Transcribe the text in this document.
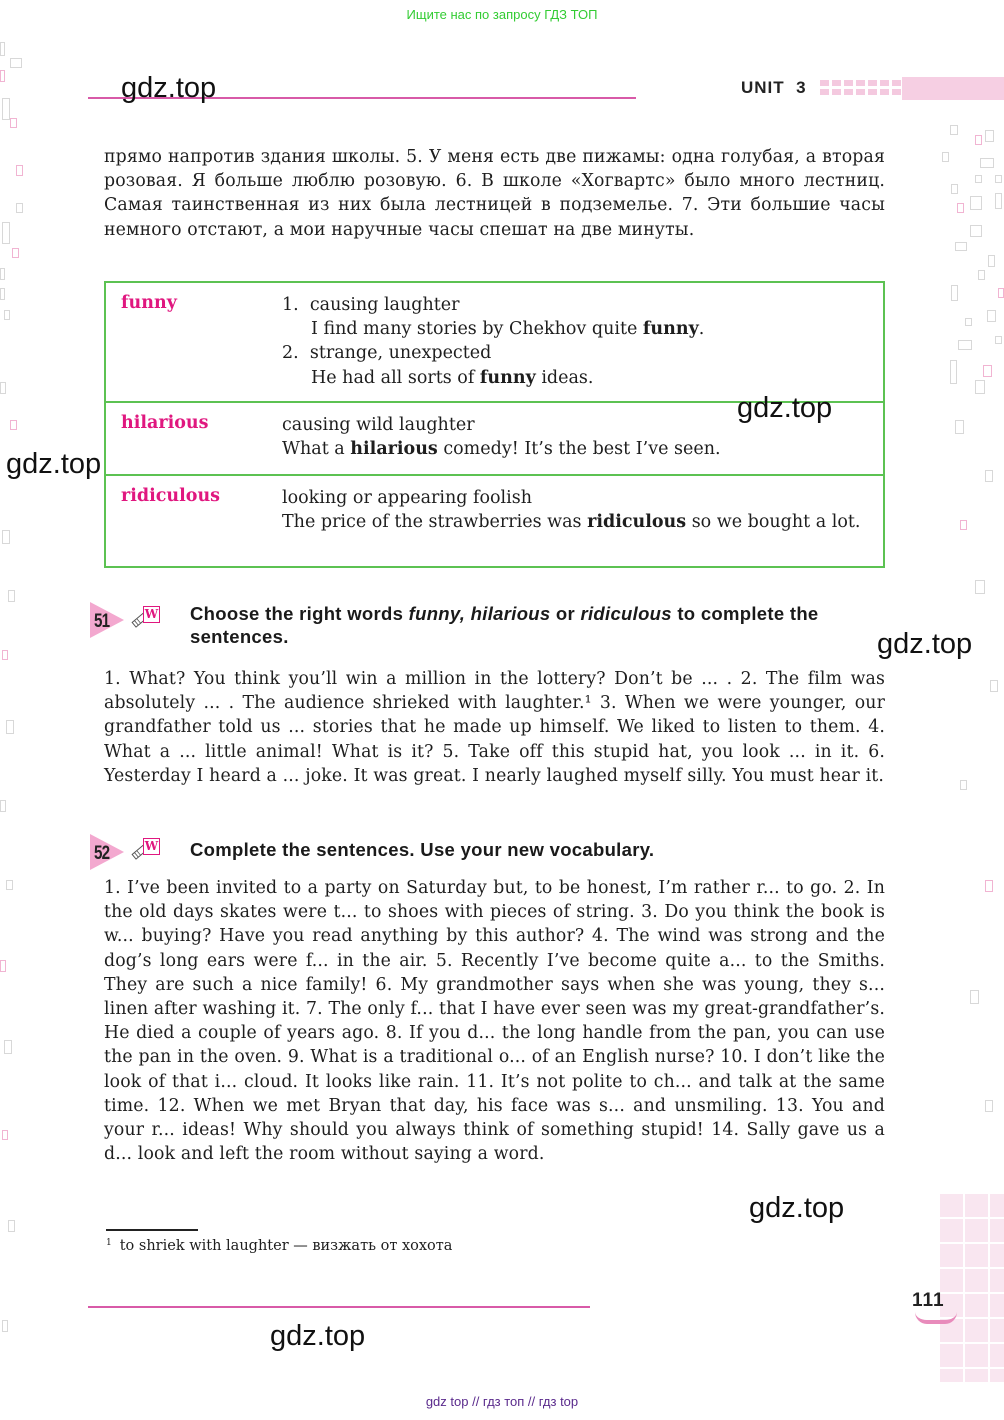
Ищите нас по запросу ГДЗ ТОП
gdz.top	UNIT 3
прямо напротив здания школы. 5. У меня есть две пижамы: одна голубая, а вторая розовая. Я больше люблю розовую. 6. В школе «Хогвартс» было много лестниц. Самая таинственная из них была лестницей в подземелье. 7. Эти большие часы немного отстают, а мои наручные часы спешат на две минуты.
funny	1. causing laughter
I find many stories by Chekhov quite funny.
2. strange, unexpected
He had all sorts of funny ideas.
hilarious	causing wild laughter
What a hilarious comedy! It’s the best I’ve seen.
ridiculous	looking or appearing foolish
The price of the strawberries was ridiculous so we bought a lot.
gdz.top
gdz.top
51	W Choose the right words funny, hilarious or ridiculous to complete the sentences.	gdz.top
1. What? You think you’ll win a million in the lottery? Don’t be ... . 2. The film was absolutely ... . The audience shrieked with laughter.¹ 3. When we were younger, our grandfather told us ... stories that he made up himself. We liked to listen to them. 4. What a ... little animal! What is it? 5. Take off this stupid hat, you look ... in it. 6. Yesterday I heard a ... joke. It was great. I nearly laughed myself silly. You must hear it.
52	W Complete the sentences. Use your new vocabulary.
1. I’ve been invited to a party on Saturday but, to be honest, I’m rather r... to go. 2. In the old days skates were t... to shoes with pieces of string. 3. Do you think the book is w... buying? Have you read anything by this author? 4. The wind was strong and the dog’s long ears were f... in the air. 5. Recently I’ve become quite a... to the Smiths. They are such a nice family! 6. My grandmother says when she was young, they s... linen after washing it. 7. The only f... that I have ever seen was my great-grandfather’s. He died a couple of years ago. 8. If you d... the long handle from the pan, you can use the pan in the oven. 9. What is a traditional o... of an English nurse? 10. I don’t like the look of that i... cloud. It looks like rain. 11. It’s not polite to ch... and talk at the same time. 12. When we met Bryan that day, his face was s... and unsmiling. 13. You and your r... ideas! Why should you always think of something stupid! 14. Sally gave us a d... look and left the room without saying a word.
gdz.top
$^1$ to shriek with laughter — визжать от хохота
111
gdz.top
gdz top // гдз топ // гдз top
